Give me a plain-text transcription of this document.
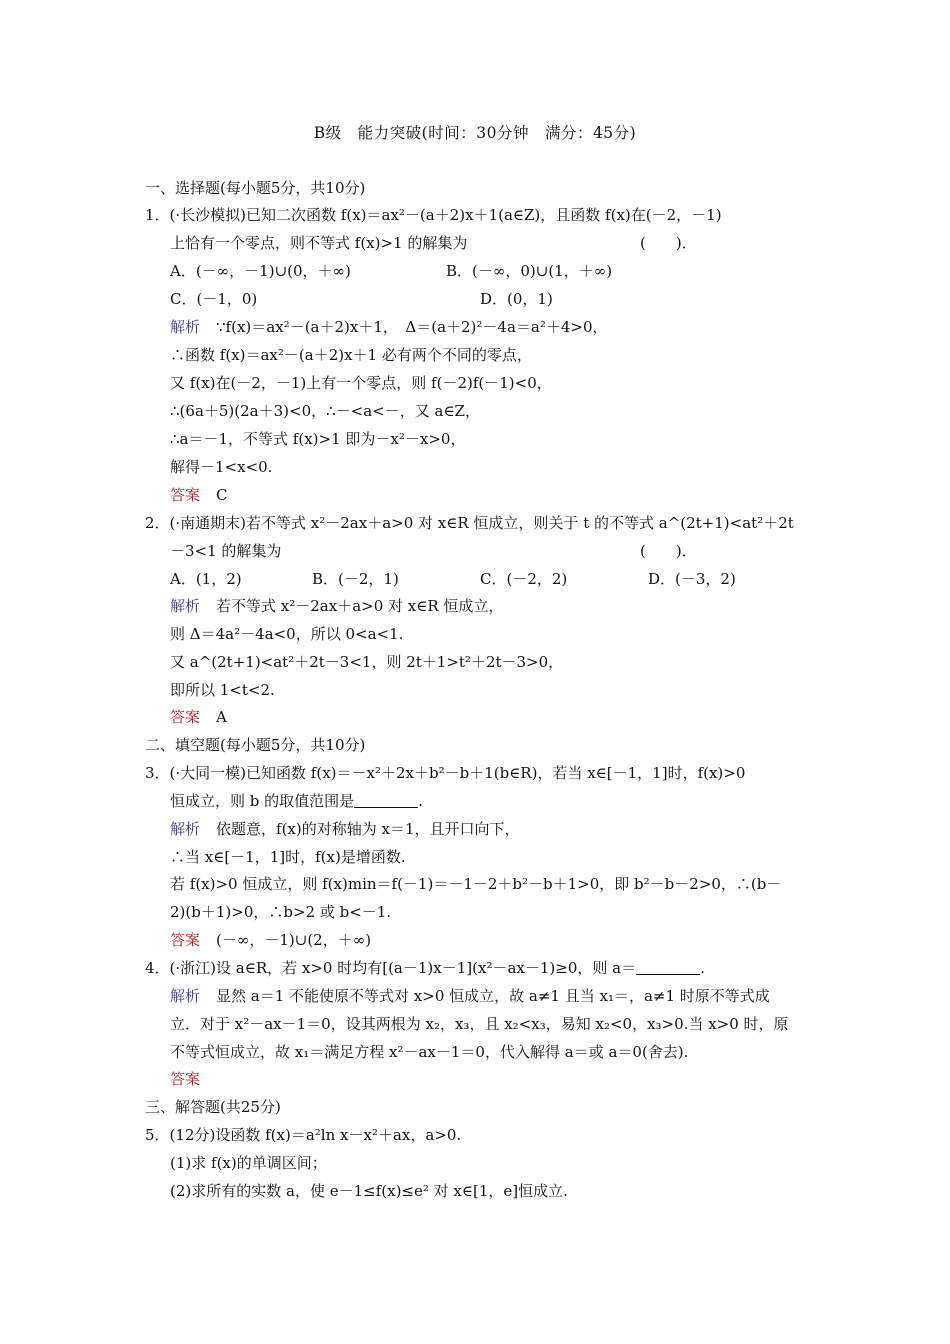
B级　能力突破(时间：30分钟　满分：45分)
一、选择题(每小题5分，共10分)
1．(·长沙模拟)已知二次函数 f(x)＝ax²－(a＋2)x＋1(a∈Z)，且函数 f(x)在(－2，－1)
上恰有一个零点，则不等式 f(x)>1 的解集为	(　　)．
A．(－∞，－1)∪(0，＋∞)	B．(－∞，0)∪(1，＋∞)
C．(－1，0)	D．(0，1)
解析 ∵f(x)＝ax²－(a＋2)x＋1，　Δ＝(a＋2)²－4a＝a²＋4>0，
∴函数 f(x)＝ax²－(a＋2)x＋1 必有两个不同的零点，
又 f(x)在(－2，－1)上有一个零点，则 f(－2)f(－1)<0，
∴(6a＋5)(2a＋3)<0，∴－<a<－，又 a∈Z，
∴a＝－1，不等式 f(x)>1 即为－x²－x>0，
解得－1<x<0.
答案 C
2．(·南通期末)若不等式 x²－2ax＋a>0 对 x∈R 恒成立，则关于 t 的不等式 a^(2t+1)<at²＋2t
－3<1 的解集为	(　　)．
A．(1，2)	B．(－2，1)	C．(－2，2)	D．(－3，2)
解析 若不等式 x²－2ax＋a>0 对 x∈R 恒成立，
则 Δ＝4a²－4a<0，所以 0<a<1.
又 a^(2t+1)<at²＋2t－3<1，则 2t＋1>t²＋2t－3>0，
即所以 1<t<2.
答案 A
二、填空题(每小题5分，共10分)
3．(·大同一模)已知函数 f(x)＝－x²＋2x＋b²－b＋1(b∈R)，若当 x∈[－1，1]时，f(x)>0
恒成立，则 b 的取值范围是	.
解析 依题意，f(x)的对称轴为 x＝1，且开口向下，
∴当 x∈[－1，1]时，f(x)是增函数.
若 f(x)>0 恒成立，则 f(x)min＝f(－1)＝－1－2＋b²－b＋1>0，即 b²－b－2>0，∴(b－
2)(b＋1)>0，∴b>2 或 b<－1.
答案 (－∞，－1)∪(2，＋∞)
4．(·浙江)设 a∈R，若 x>0 时均有[(a－1)x－1](x²－ax－1)≥0，则 a＝	.
解析 显然 a＝1 不能使原不等式对 x>0 恒成立，故 a≠1 且当 x₁＝，a≠1 时原不等式成
立．对于 x²－ax－1＝0，设其两根为 x₂，x₃，且 x₂<x₃，易知 x₂<0，x₃>0.当 x>0 时，原
不等式恒成立，故 x₁＝满足方程 x²－ax－1＝0，代入解得 a＝或 a＝0(舍去).
答案
三、解答题(共25分)
5．(12分)设函数 f(x)＝a²ln x－x²＋ax，a>0.
(1)求 f(x)的单调区间；
(2)求所有的实数 a，使 e－1≤f(x)≤e² 对 x∈[1，e]恒成立.
